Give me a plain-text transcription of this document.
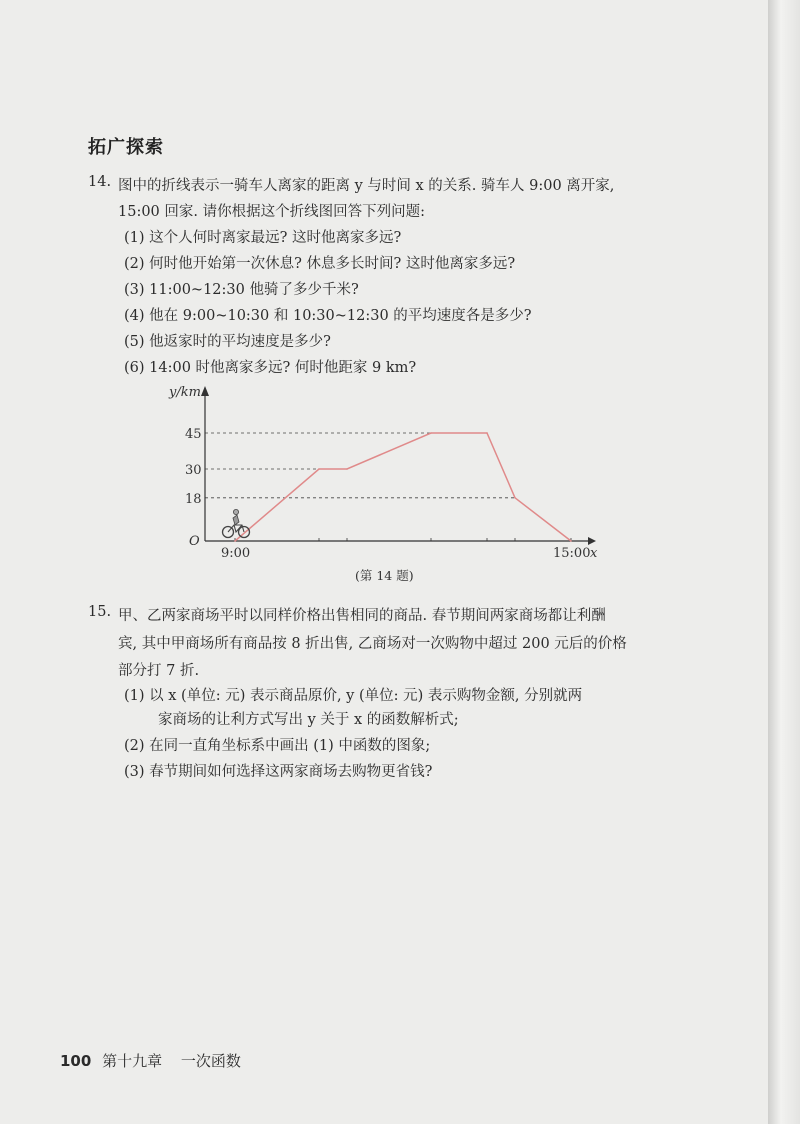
拓广探索
14. 图中的折线表示一骑车人离家的距离 y 与时间 x 的关系. 骑车人 9:00 离开家,
15:00 回家. 请你根据这个折线图回答下列问题:
(1) 这个人何时离家最远? 这时他离家多远?
(2) 何时他开始第一次休息? 休息多长时间? 这时他离家多远?
(3) 11:00~12:30 他骑了多少千米?
(4) 他在 9:00~10:30 和 10:30~12:30 的平均速度各是多少?
(5) 他返家时的平均速度是多少?
(6) 14:00 时他离家多远? 何时他距家 9 km?
45
30
18
9:00	15:00
y/km
x
O
(第 14 题)
15. 甲、乙两家商场平时以同样价格出售相同的商品. 春节期间两家商场都让利酬
宾, 其中甲商场所有商品按 8 折出售, 乙商场对一次购物中超过 200 元后的价格
部分打 7 折.
(1) 以 x (单位: 元) 表示商品原价, y (单位: 元) 表示购物金额, 分别就两
家商场的让利方式写出 y 关于 x 的函数解析式;
(2) 在同一直角坐标系中画出 (1) 中函数的图象;
(3) 春节期间如何选择这两家商场去购物更省钱?
100 第十九章 一次函数
